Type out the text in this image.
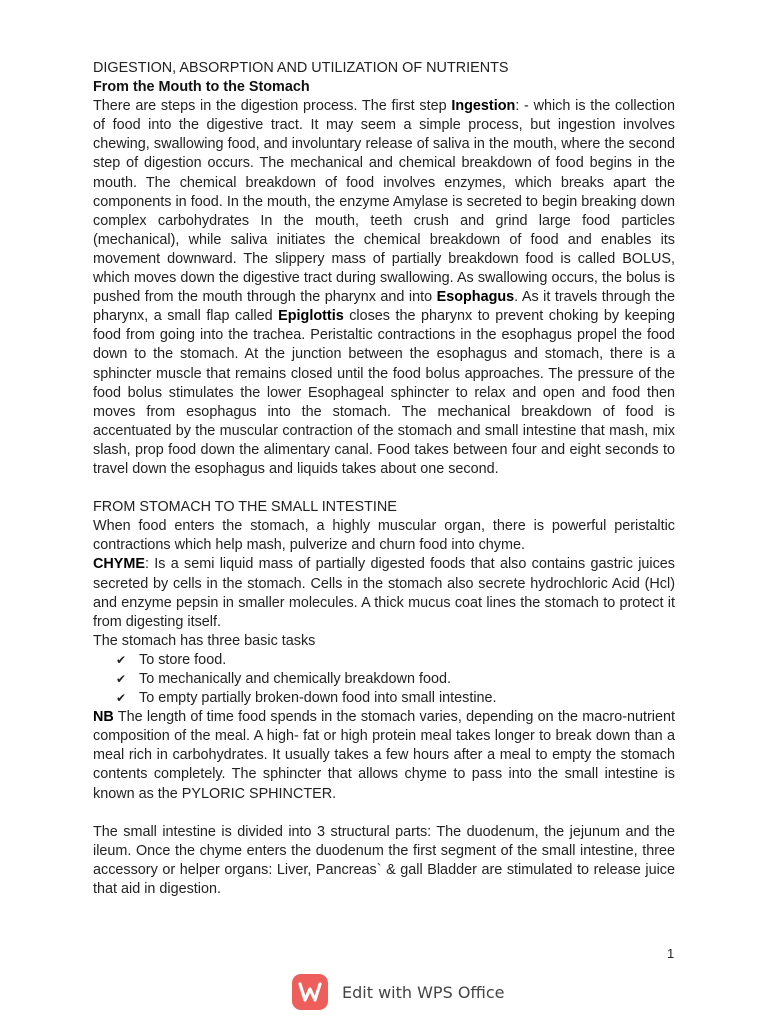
DIGESTION, ABSORPTION AND UTILIZATION OF NUTRIENTS
From the Mouth to the Stomach

There are steps in the digestion process. The first step Ingestion: - which is the collection of food into the digestive tract. It may seem a simple process, but ingestion involves chewing, swallowing food, and involuntary release of saliva in the mouth, where the second step of digestion occurs. The mechanical and chemical breakdown of food begins in the mouth. The chemical breakdown of food involves enzymes, which breaks apart the components in food. In the mouth, the enzyme Amylase is secreted to begin breaking down complex carbohydrates In the mouth, teeth crush and grind large food particles (mechanical), while saliva initiates the chemical breakdown of food and enables its movement downward. The slippery mass of partially breakdown food is called BOLUS, which moves down the digestive tract during swallowing. As swallowing occurs, the bolus is pushed from the mouth through the pharynx and into Esophagus. As it travels through the pharynx, a small flap called Epiglottis closes the pharynx to prevent choking by keeping food from going into the trachea. Peristaltic contractions in the esophagus propel the food down to the stomach. At the junction between the esophagus and stomach, there is a sphincter muscle that remains closed until the food bolus approaches. The pressure of the food bolus stimulates the lower Esophageal sphincter to relax and open and food then moves from esophagus into the stomach. The mechanical breakdown of food is accentuated by the muscular contraction of the stomach and small intestine that mash, mix slash, prop food down the alimentary canal. Food takes between four and eight seconds to travel down the esophagus and liquids takes about one second.

FROM STOMACH TO THE SMALL INTESTINE

When food enters the stomach, a highly muscular organ, there is powerful peristaltic contractions which help mash, pulverize and churn food into chyme.

CHYME: Is a semi liquid mass of partially digested foods that also contains gastric juices secreted by cells in the stomach. Cells in the stomach also secrete hydrochloric Acid (Hcl) and enzyme pepsin in smaller molecules. A thick mucus coat lines the stomach to protect it from digesting itself.

The stomach has three basic tasks

✔ To store food.
✔ To mechanically and chemically breakdown food.
✔ To empty partially broken-down food into small intestine.

NB The length of time food spends in the stomach varies, depending on the macro-nutrient composition of the meal. A high- fat or high protein meal takes longer to break down than a meal rich in carbohydrates. It usually takes a few hours after a meal to empty the stomach contents completely. The sphincter that allows chyme to pass into the small intestine is known as the PYLORIC SPHINCTER.

The small intestine is divided into 3 structural parts: The duodenum, the jejunum and the ileum. Once the chyme enters the duodenum the first segment of the small intestine, three accessory or helper organs: Liver, Pancreas` & gall Bladder are stimulated to release juice that aid in digestion.

1
Edit with WPS Office
